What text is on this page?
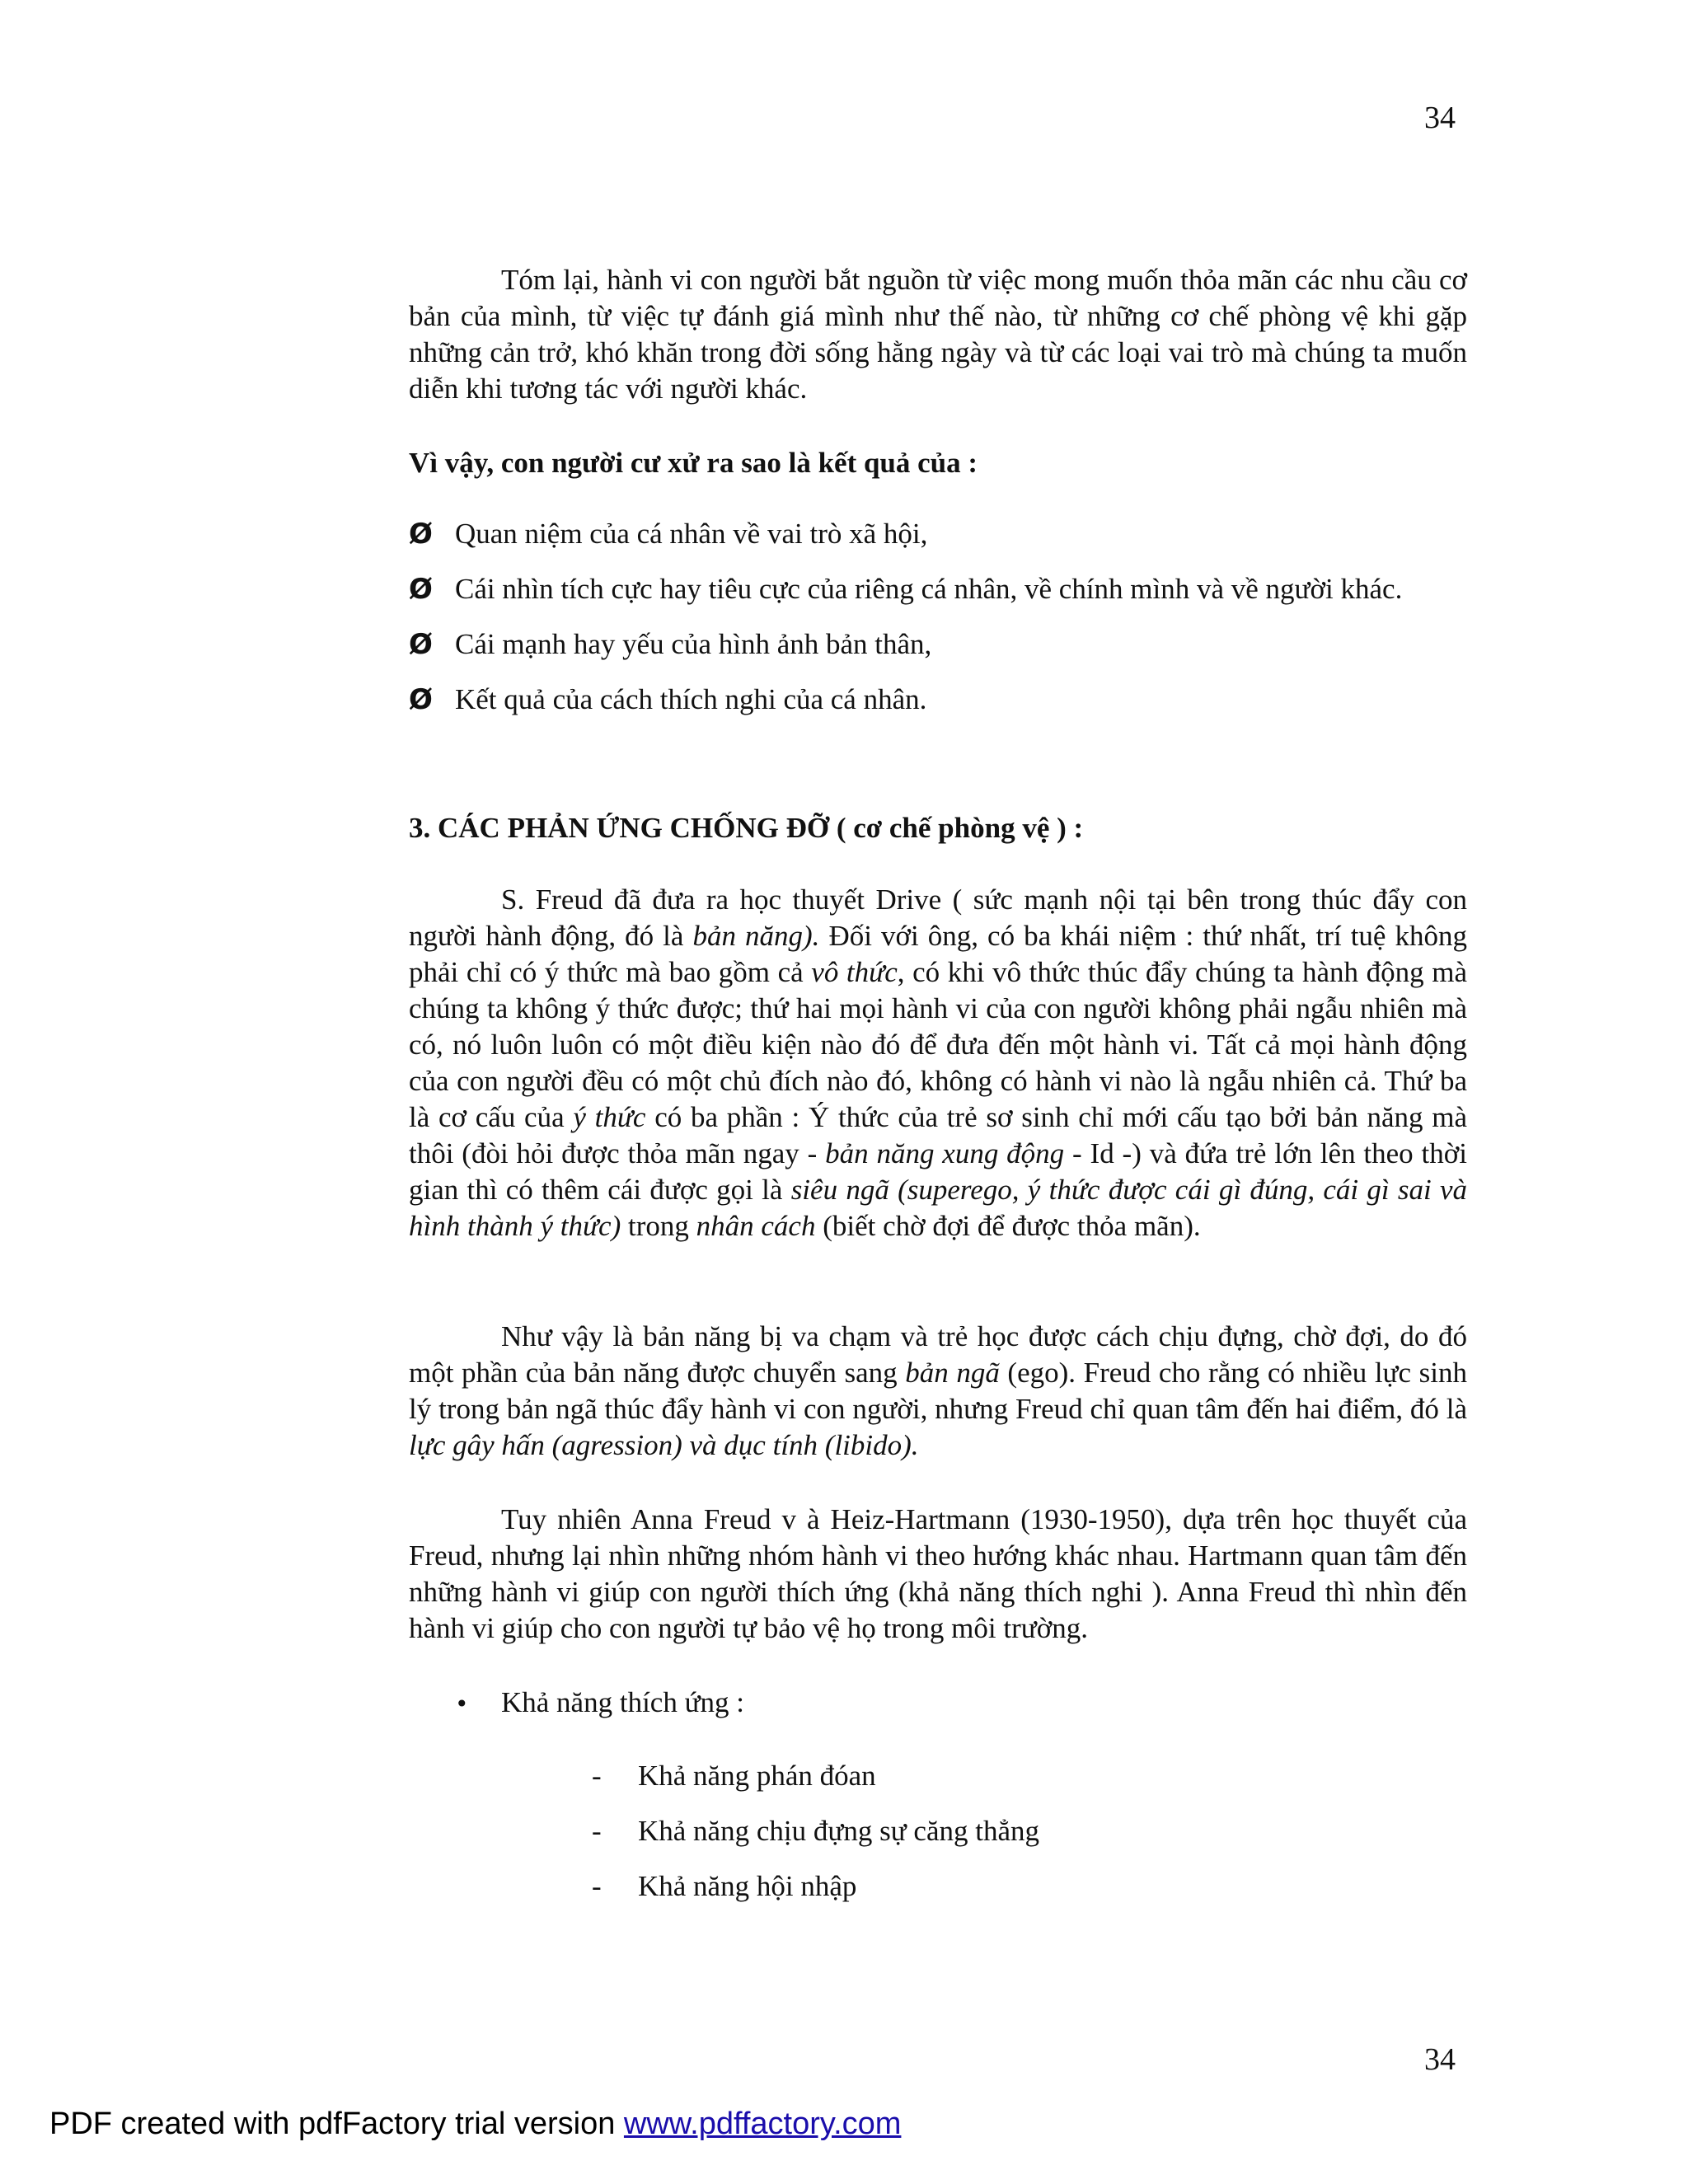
34

Tóm lại, hành vi con người bắt nguồn từ việc mong muốn thỏa mãn các nhu cầu cơ bản của mình, từ việc tự đánh giá mình như thế nào, từ những cơ chế phòng vệ khi gặp những cản trở, khó khăn trong đời sống hằng ngày và từ các loại vai trò mà chúng ta muốn diễn khi tương tác với người khác.

Vì vậy, con người cư xử ra sao là kết quả của :

Ø Quan niệm của cá nhân về vai trò xã hội,
Ø Cái nhìn tích cực hay tiêu cực của riêng cá nhân, về chính mình và về người khác.
Ø Cái mạnh hay yếu của hình ảnh bản thân,
Ø Kết quả của cách thích nghi của cá nhân.

3. CÁC PHẢN ỨNG CHỐNG ĐỠ ( cơ chế phòng vệ ) :

S. Freud đã đưa ra học thuyết Drive ( sức mạnh nội tại bên trong thúc đẩy con người hành động, đó là bản năng). Đối với ông, có ba khái niệm : thứ nhất, trí tuệ không phải chỉ có ý thức mà bao gồm cả vô thức, có khi vô thức thúc đẩy chúng ta hành động mà chúng ta không ý thức được; thứ hai mọi hành vi của con người không phải ngẫu nhiên mà có, nó luôn luôn có một điều kiện nào đó để đưa đến một hành vi. Tất cả mọi hành động của con người đều có một chủ đích nào đó, không có hành vi nào là ngẫu nhiên cả. Thứ ba là cơ cấu của ý thức có ba phần : Ý thức của trẻ sơ sinh chỉ mới cấu tạo bởi bản năng mà thôi (đòi hỏi được thỏa mãn ngay - bản năng xung động - Id -) và đứa trẻ lớn lên theo thời gian thì có thêm cái được gọi là siêu ngã (superego, ý thức được cái gì đúng, cái gì sai và hình thành ý thức) trong nhân cách (biết chờ đợi để được thỏa mãn).

Như vậy là bản năng bị va chạm và trẻ học được cách chịu đựng, chờ đợi, do đó một phần của bản năng được chuyển sang bản ngã (ego). Freud cho rằng có nhiều lực sinh lý trong bản ngã thúc đẩy hành vi con người, nhưng Freud chỉ quan tâm đến hai điểm, đó là lực gây hấn (agression) và dục tính (libido).

Tuy nhiên Anna Freud v à Heiz-Hartmann (1930-1950), dựa trên học thuyết của Freud, nhưng lại nhìn những nhóm hành vi theo hướng khác nhau. Hartmann quan tâm đến những hành vi giúp con người thích ứng (khả năng thích nghi ). Anna Freud thì nhìn đến hành vi giúp cho con người tự bảo vệ họ trong môi trường.

• Khả năng thích ứng :
- Khả năng phán đóan
- Khả năng chịu đựng sự căng thẳng
- Khả năng hội nhập
34
PDF created with pdfFactory trial version www.pdffactory.com
